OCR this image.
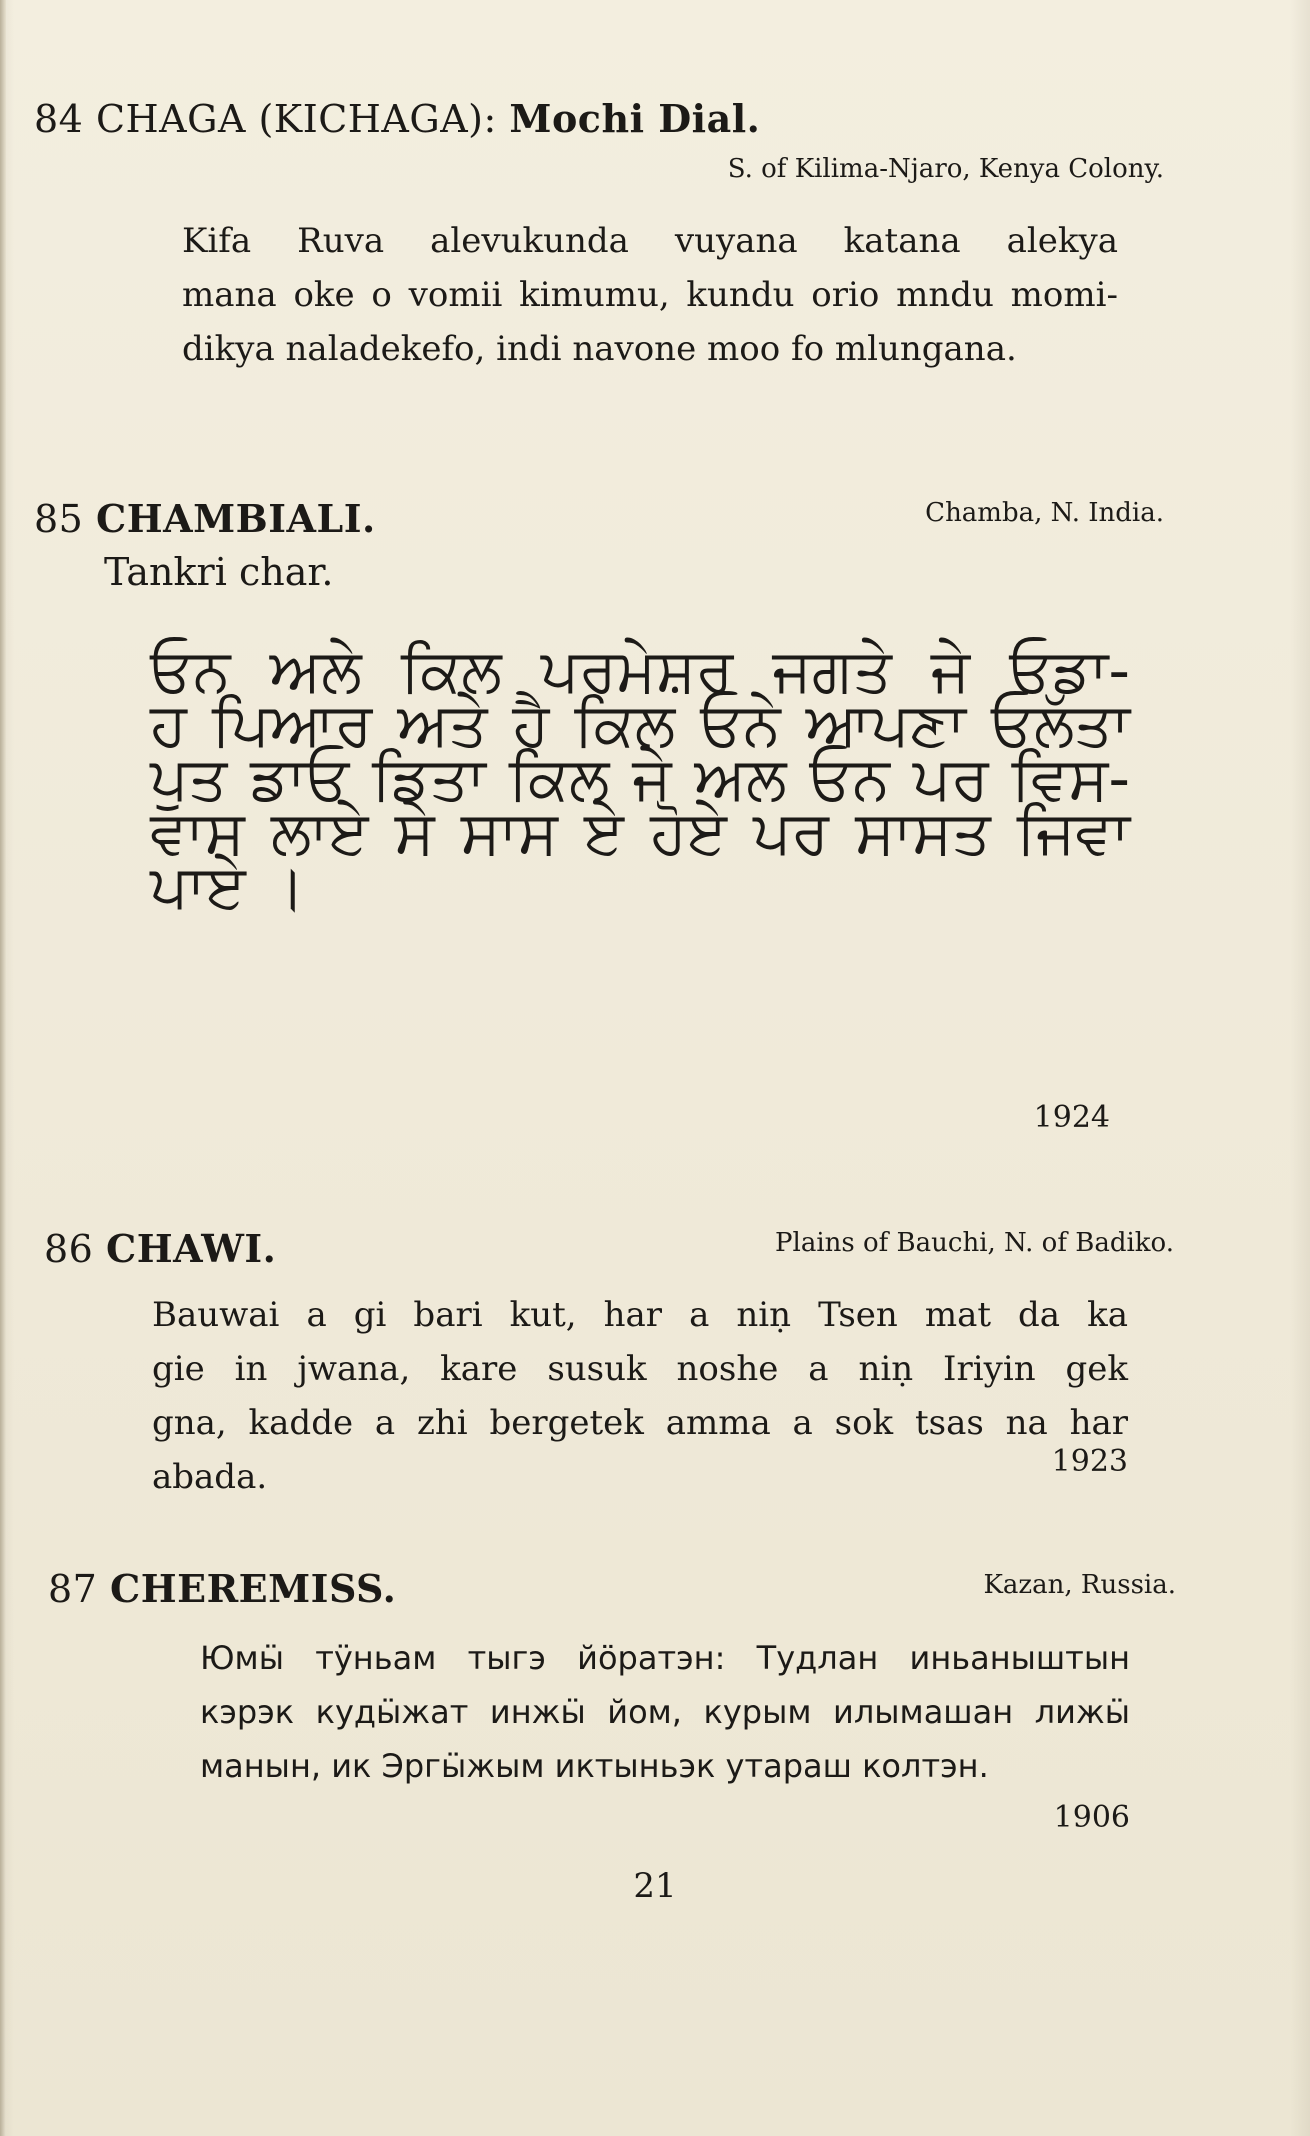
84 CHAGA (KICHAGA): Mochi Dial.
S. of Kilima-Njaro, Kenya Colony.
Kifa Ruva alevukunda vuyana katana alekya
mana oke o vomii kimumu, kundu orio mndu momi-
dikya naladekefo, indi navone moo fo mlungana.
85 CHAMBIALI.	Chamba, N. India.
Tankri char.
ਓਨ ਅਲੇ ਕਿਲ ਪਰਮੇਸ਼ਰ ਜਗਤੇ ਜੇ ਓਡਾ-
ਹ ਪਿਆਰ ਅਤੇ ਹੈ ਕਿਲ ਓਨੇ ਆਪਣਾ ਓਲੱਤਾ
ਪੁਤ ਡਾਓ ਡਿਤਾ ਕਿਲ ਜੇ ਅਲ ਓਨ ਪਰ ਵਿਸ-
ਵਾਸ ਲਾਏ ਸੇ ਸਾਸ ਏ ਹੋਏ ਪਰ ਸਾਸਤ ਜਿਵਾ
ਪਾਏ ।
1924
86 CHAWI.	Plains of Bauchi, N. of Badiko.
Bauwai a gi bari kut, har a niṇ Tsen mat da ka
gie in jwana, kare susuk noshe a niṇ Iriyin gek
gna, kadde a zhi bergetek amma a sok tsas na har
abada.	1923
87 CHEREMISS.	Kazan, Russia.
Юмӹ тӱньам тыгэ йӧратэн: Тудлан иньаныштын
кэрэк кудӹжат инжӹ йом, курым илымашан лижӹ
манын, ик Эргӹжым иктыньэк утараш колтэн.
1906
21
